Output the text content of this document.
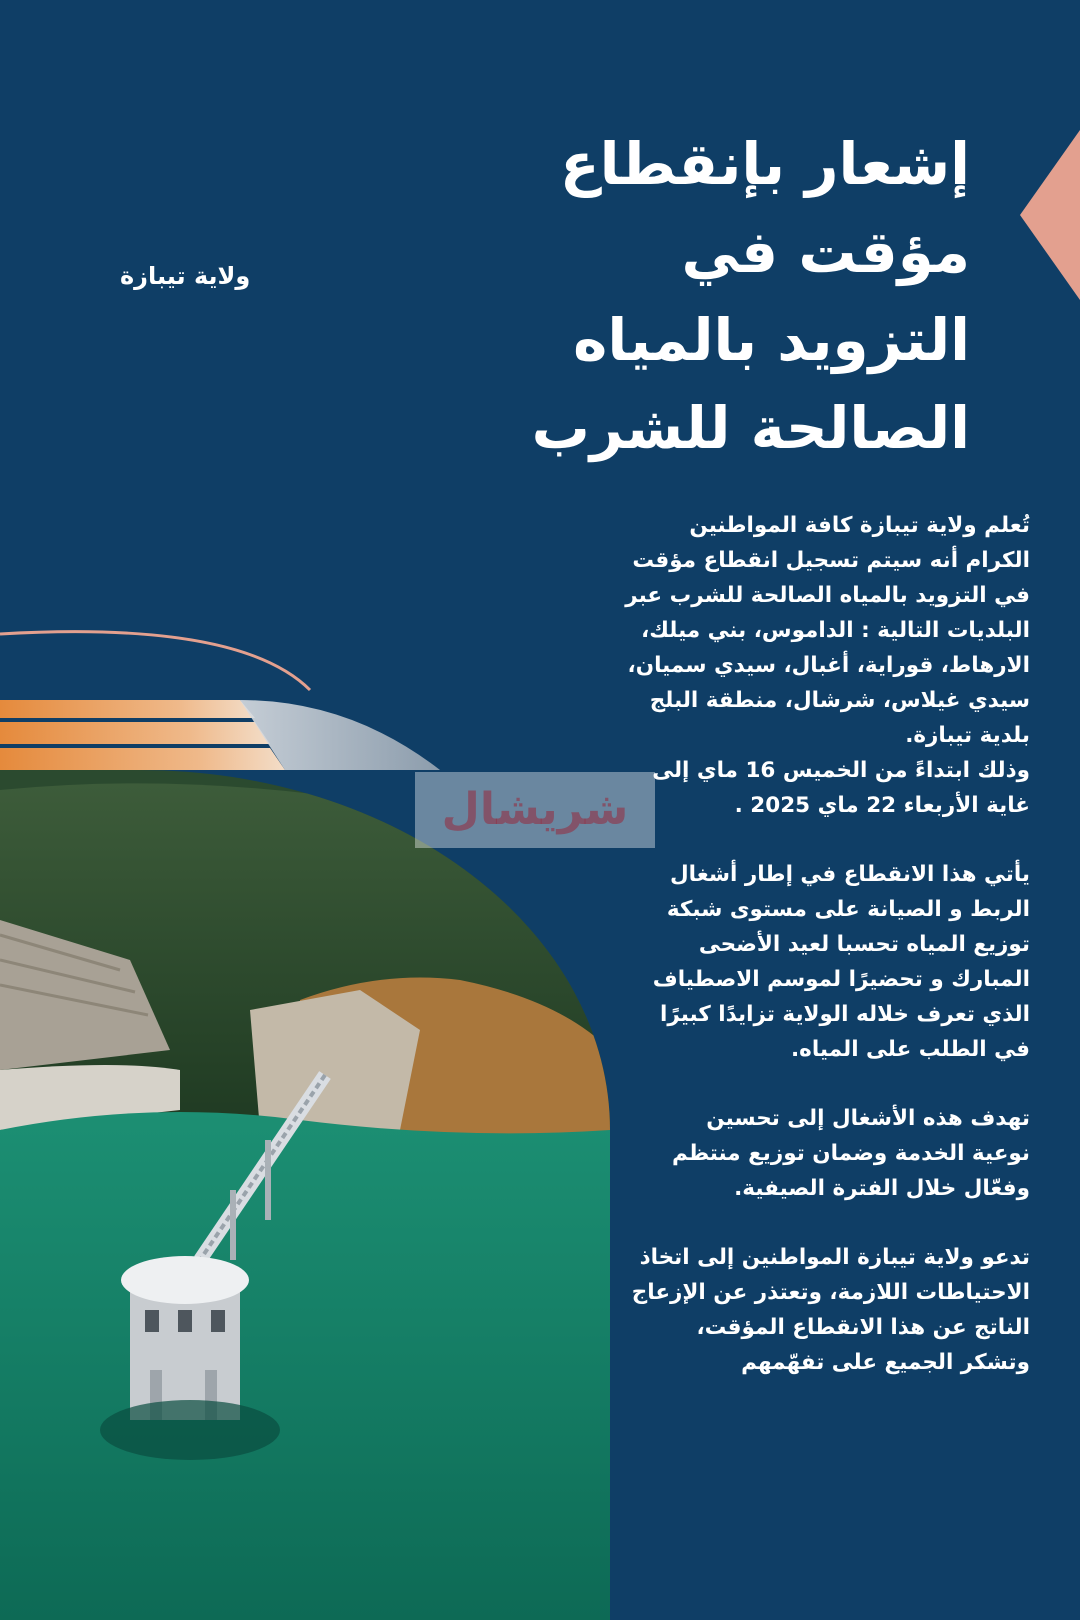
إشعار بإنقطاع
مؤقت في
التزويد بالمياه
الصالحة للشرب
ولاية تيبازة
شريشال

تُعلم ولاية تيبازة كافة المواطنين
الكرام أنه سيتم تسجيل انقطاع مؤقت
في التزويد بالمياه الصالحة للشرب عبر
البلديات التالية : الداموس، بني ميلك،
الارهاط، قوراية، أغبال، سيدي سميان،
سيدي غيلاس، شرشال، منطقة البلج
بلدية تيبازة.
وذلك ابتداءً من الخميس 16 ماي إلى
غاية الأربعاء 22 ماي 2025 .

يأتي هذا الانقطاع في إطار أشغال
الربط و الصيانة على مستوى شبكة
توزيع المياه تحسبا لعيد الأضحى
المبارك و تحضيرًا لموسم الاصطياف
الذي تعرف خلاله الولاية تزايدًا كبيرًا
في الطلب على المياه.

تهدف هذه الأشغال إلى تحسين
نوعية الخدمة وضمان توزيع منتظم
وفعّال خلال الفترة الصيفية.

تدعو ولاية تيبازة المواطنين إلى اتخاذ
الاحتياطات اللازمة، وتعتذر عن الإزعاج
الناتج عن هذا الانقطاع المؤقت،
وتشكر الجميع على تفهّمهم
